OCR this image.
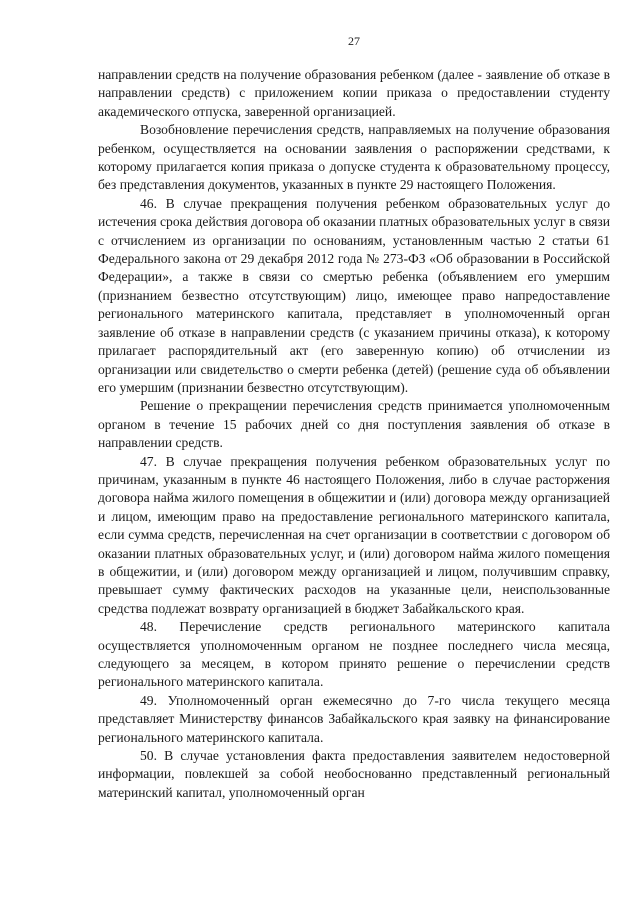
27

направлении средств на получение образования ребенком (далее - заявление об отказе в направлении средств) с приложением копии приказа о предоставлении студенту академического отпуска, заверенной организацией.

Возобновление перечисления средств, направляемых на получение образования ребенком, осуществляется на основании заявления о распоряжении средствами, к которому прилагается копия приказа о допуске студента к образовательному процессу, без представления документов, указанных в пункте 29 настоящего Положения.

46. В случае прекращения получения ребенком образовательных услуг до истечения срока действия договора об оказании платных образовательных услуг в связи с отчислением из организации по основаниям, установленным частью 2 статьи 61 Федерального закона от 29 декабря 2012 года № 273-ФЗ «Об образовании в Российской Федерации», а также в связи со смертью ребенка (объявлением его умершим (признанием безвестно отсутствующим) лицо, имеющее право напредоставление регионального материнского капитала, представляет в уполномоченный орган заявление об отказе в направлении средств (с указанием причины отказа), к которому прилагает распорядительный акт (его заверенную копию) об отчислении из организации или свидетельство о смерти ребенка (детей) (решение суда об объявлении его умершим (признании безвестно отсутствующим).

Решение о прекращении перечисления средств принимается уполномоченным органом в течение 15 рабочих дней со дня поступления заявления об отказе в направлении средств.

47. В случае прекращения получения ребенком образовательных услуг по причинам, указанным в пункте 46 настоящего Положения, либо в случае расторжения договора найма жилого помещения в общежитии и (или) договора между организацией и лицом, имеющим право на предоставление регионального материнского капитала, если сумма средств, перечисленная на счет организации в соответствии с договором об оказании платных образовательных услуг, и (или) договором найма жилого помещения в общежитии, и (или) договором между организацией и лицом, получившим справку, превышает сумму фактических расходов на указанные цели, неиспользованные средства подлежат возврату организацией в бюджет Забайкальского края.

48. Перечисление средств регионального материнского капитала осуществляется уполномоченным органом не позднее последнего числа месяца, следующего за месяцем, в котором принято решение о перечислении средств регионального материнского капитала.

49. Уполномоченный орган ежемесячно до 7-го числа текущего месяца представляет Министерству финансов Забайкальского края заявку на финансирование регионального материнского капитала.

50. В случае установления факта предоставления заявителем недостоверной информации, повлекшей за собой необоснованно представленный региональный материнский капитал, уполномоченный орган
